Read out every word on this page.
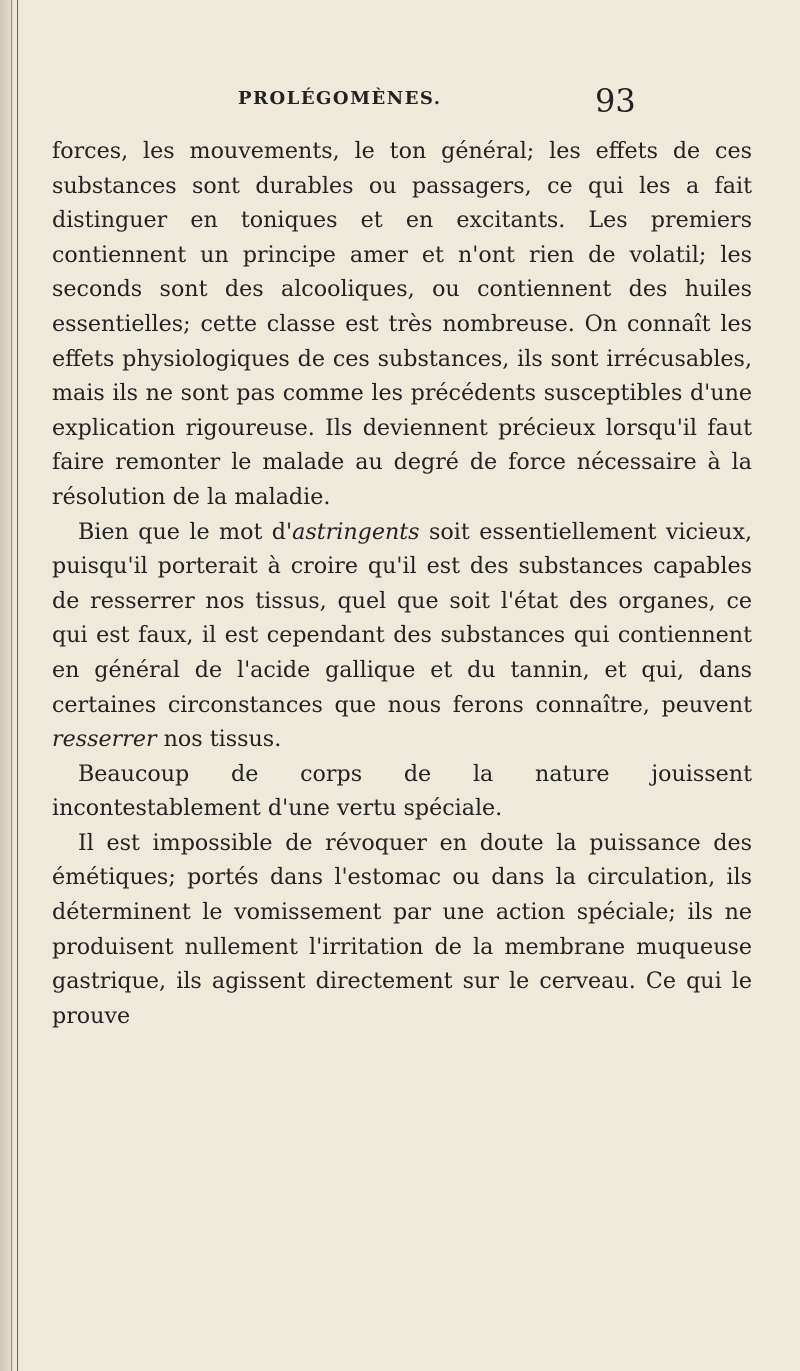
PROLÉGOMÈNES.	93

forces, les mouvements, le ton général; les effets de ces substances sont durables ou passagers, ce qui les a fait distinguer en toniques et en excitants. Les premiers contiennent un principe amer et n'ont rien de volatil; les seconds sont des alcooliques, ou contiennent des huiles essentielles; cette classe est très nombreuse. On connaît les effets physiologiques de ces substances, ils sont irrécusables, mais ils ne sont pas comme les précédents susceptibles d'une explication rigoureuse. Ils deviennent précieux lorsqu'il faut faire remonter le malade au degré de force nécessaire à la résolution de la maladie.

Bien que le mot d'astringents soit essentiellement vicieux, puisqu'il porterait à croire qu'il est des substances capables de resserrer nos tissus, quel que soit l'état des organes, ce qui est faux, il est cependant des substances qui contiennent en général de l'acide gallique et du tannin, et qui, dans certaines circonstances que nous ferons connaître, peuvent resserrer nos tissus.

Beaucoup de corps de la nature jouissent incontestablement d'une vertu spéciale.

Il est impossible de révoquer en doute la puissance des émétiques; portés dans l'estomac ou dans la circulation, ils déterminent le vomissement par une action spéciale; ils ne produisent nullement l'irritation de la membrane muqueuse gastrique, ils agissent directement sur le cerveau. Ce qui le prouve
